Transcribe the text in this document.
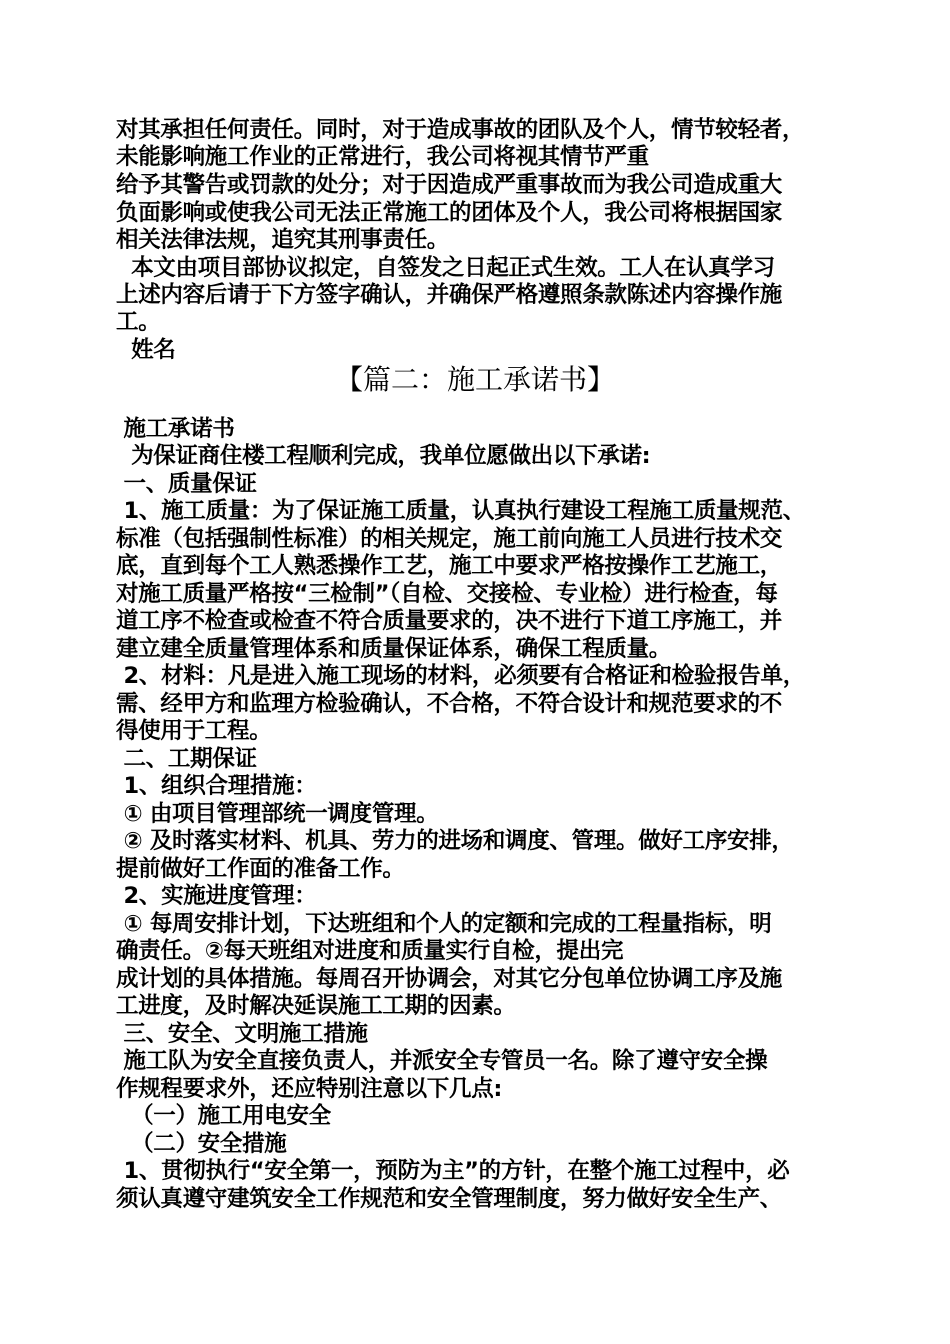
对其承担任何责任。同时，对于造成事故的团队及个人，情节较轻者，
未能影响施工作业的正常进行，我公司将视其情节严重
给予其警告或罚款的处分；对于因造成严重事故而为我公司造成重大
负面影响或使我公司无法正常施工的团体及个人，我公司将根据国家
相关法律法规，追究其刑事责任。
本文由项目部协议拟定，自签发之日起正式生效。工人在认真学习
上述内容后请于下方签字确认，并确保严格遵照条款陈述内容操作施
工。
姓名
【篇二：施工承诺书】
施工承诺书
为保证商住楼工程顺利完成，我单位愿做出以下承诺:
一、质量保证
1、施工质量：为了保证施工质量，认真执行建设工程施工质量规范、
标准（包括强制性标准）的相关规定，施工前向施工人员进行技术交
底，直到每个工人熟悉操作工艺，施工中要求严格按操作工艺施工，
对施工质量严格按“三检制”（自检、交接检、专业检）进行检查，每
道工序不检查或检查不符合质量要求的，决不进行下道工序施工，并
建立建全质量管理体系和质量保证体系，确保工程质量。
2、材料：凡是进入施工现场的材料，必须要有合格证和检验报告单，
需、经甲方和监理方检验确认，不合格，不符合设计和规范要求的不
得使用于工程。
二、工期保证
1、组织合理措施：
① 由项目管理部统一调度管理。
② 及时落实材料、机具、劳力的进场和调度、管理。做好工序安排，
提前做好工作面的准备工作。
2、实施进度管理：
① 每周安排计划，下达班组和个人的定额和完成的工程量指标，明
确责任。②每天班组对进度和质量实行自检，提出完
成计划的具体措施。每周召开协调会，对其它分包单位协调工序及施
工进度，及时解决延误施工工期的因素。
三、安全、文明施工措施
施工队为安全直接负责人，并派安全专管员一名。除了遵守安全操
作规程要求外，还应特别注意以下几点:
（一）施工用电安全
（二）安全措施
1、贯彻执行“安全第一，预防为主”的方针，在整个施工过程中，必
须认真遵守建筑安全工作规范和安全管理制度，努力做好安全生产、
